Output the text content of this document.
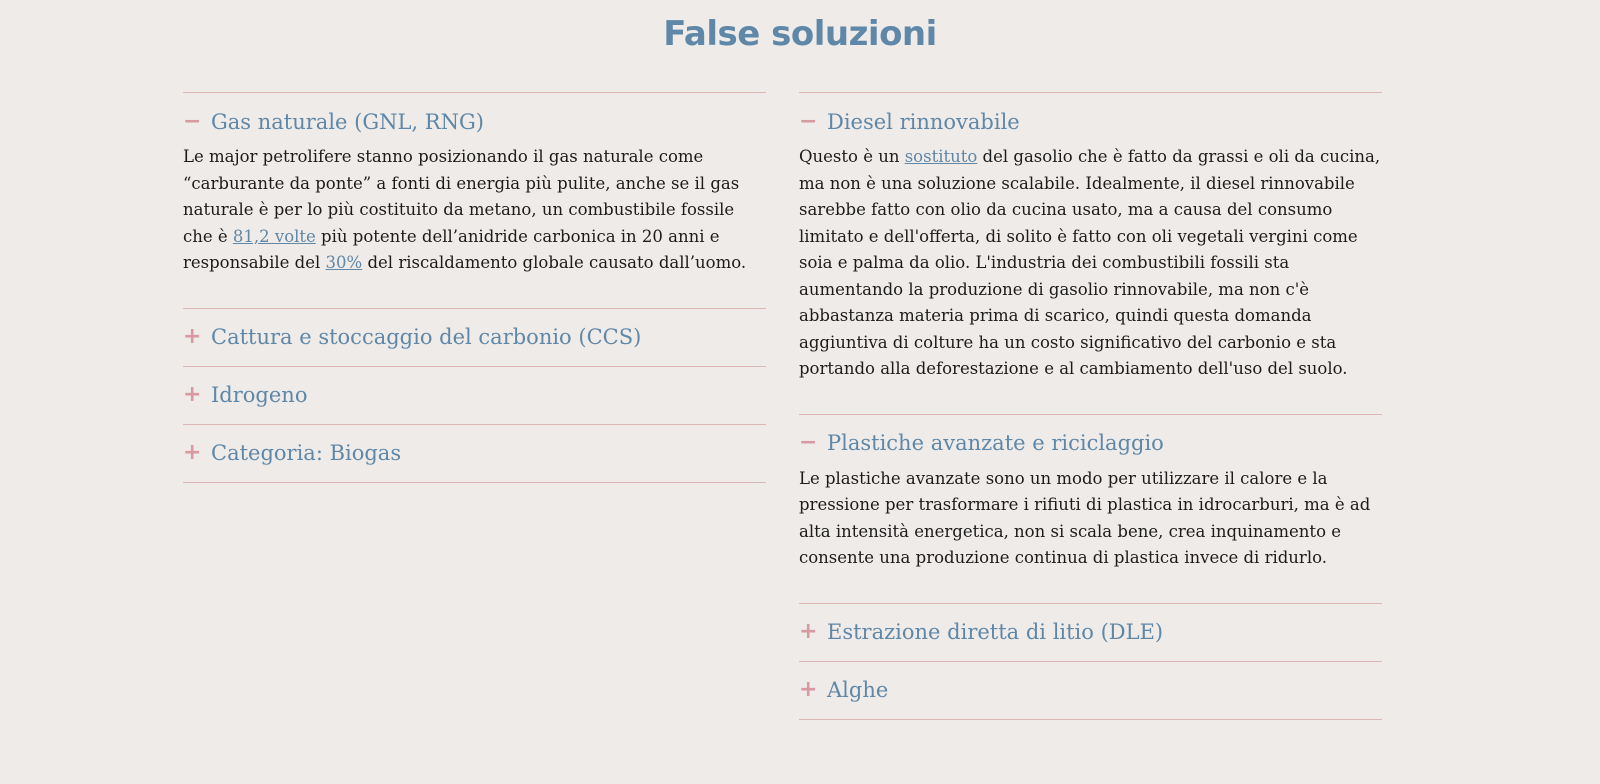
False soluzioni
− Gas naturale (GNL, RNG)
Le major petrolifere stanno posizionando il gas naturale come “carburante da ponte” a fonti di energia più pulite, anche se il gas naturale è per lo più costituito da metano, un combustibile fossile che è 81,2 volte più potente dell’anidride carbonica in 20 anni e responsabile del 30% del riscaldamento globale causato dall’uomo.
+ Cattura e stoccaggio del carbonio (CCS)
+ Idrogeno
+ Categoria: Biogas
− Diesel rinnovabile
Questo è un sostituto del gasolio che è fatto da grassi e oli da cucina, ma non è una soluzione scalabile. Idealmente, il diesel rinnovabile sarebbe fatto con olio da cucina usato, ma a causa del consumo limitato e dell'offerta, di solito è fatto con oli vegetali vergini come soia e palma da olio. L'industria dei combustibili fossili sta aumentando la produzione di gasolio rinnovabile, ma non c'è abbastanza materia prima di scarico, quindi questa domanda aggiuntiva di colture ha un costo significativo del carbonio e sta portando alla deforestazione e al cambiamento dell'uso del suolo.
− Plastiche avanzate e riciclaggio
Le plastiche avanzate sono un modo per utilizzare il calore e la pressione per trasformare i rifiuti di plastica in idrocarburi, ma è ad alta intensità energetica, non si scala bene, crea inquinamento e consente una produzione continua di plastica invece di ridurlo.
+ Estrazione diretta di litio (DLE)
+ Alghe
